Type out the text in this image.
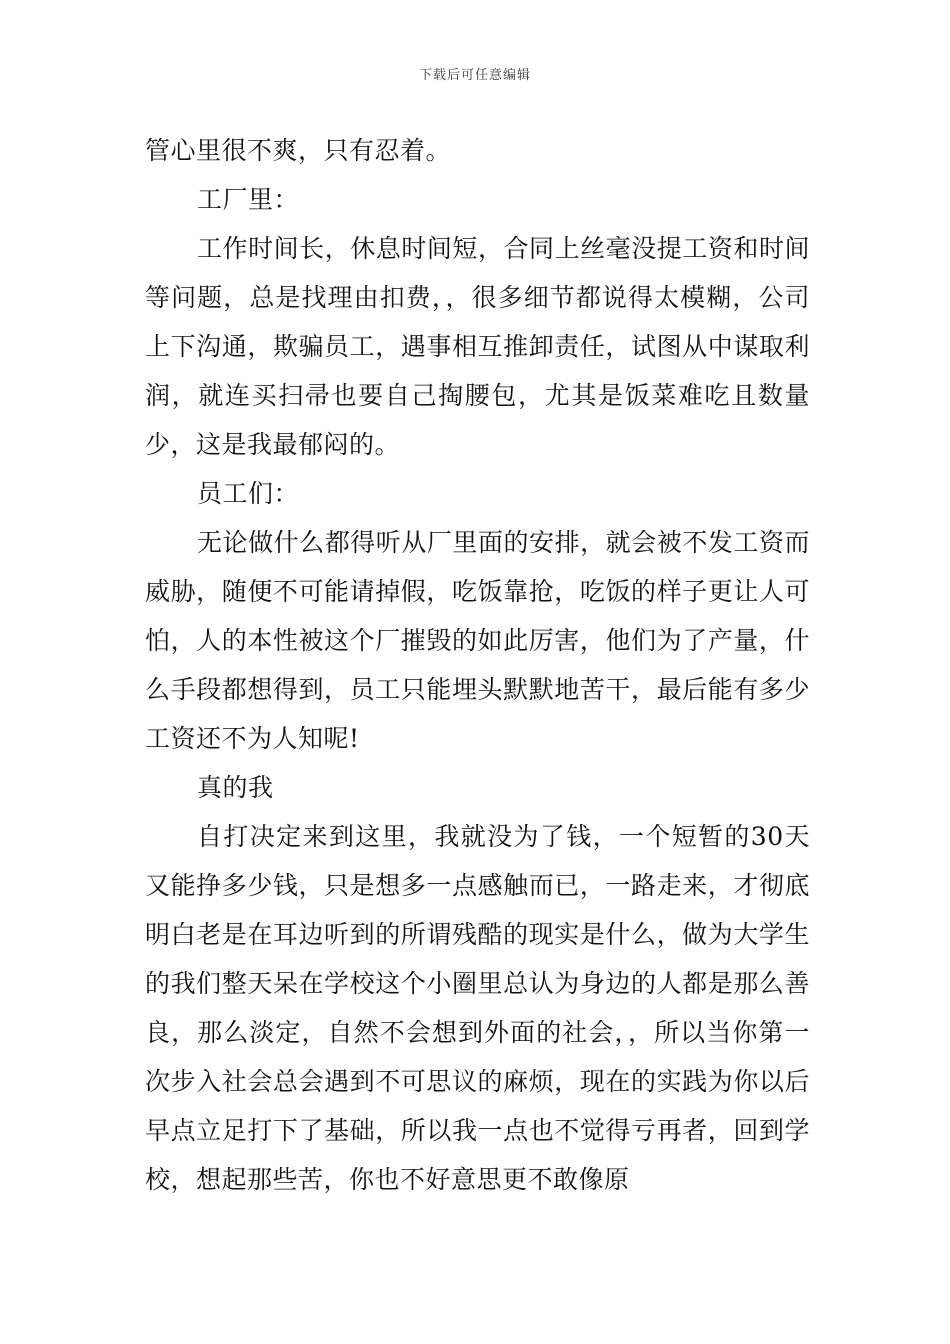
下载后可任意编辑

管心里很不爽，只有忍着。

工厂里：

工作时间长，休息时间短，合同上丝毫没提工资和时间等问题，总是找理由扣费，，很多细节都说得太模糊，公司上下沟通，欺骗员工，遇事相互推卸责任，试图从中谋取利润，就连买扫帚也要自己掏腰包，尤其是饭菜难吃且数量少，这是我最郁闷的。

员工们：

无论做什么都得听从厂里面的安排，就会被不发工资而威胁，随便不可能请掉假，吃饭靠抢，吃饭的样子更让人可怕，人的本性被这个厂摧毁的如此厉害，他们为了产量，什么手段都想得到，员工只能埋头默默地苦干，最后能有多少工资还不为人知呢!

真的我

自打决定来到这里，我就没为了钱，一个短暂的30天又能挣多少钱，只是想多一点感触而已，一路走来，才彻底明白老是在耳边听到的所谓残酷的现实是什么，做为大学生的我们整天呆在学校这个小圈里总认为身边的人都是那么善良，那么淡定，自然不会想到外面的社会，，所以当你第一次步入社会总会遇到不可思议的麻烦，现在的实践为你以后早点立足打下了基础，所以我一点也不觉得亏再者，回到学校，想起那些苦，你也不好意思更不敢像原
